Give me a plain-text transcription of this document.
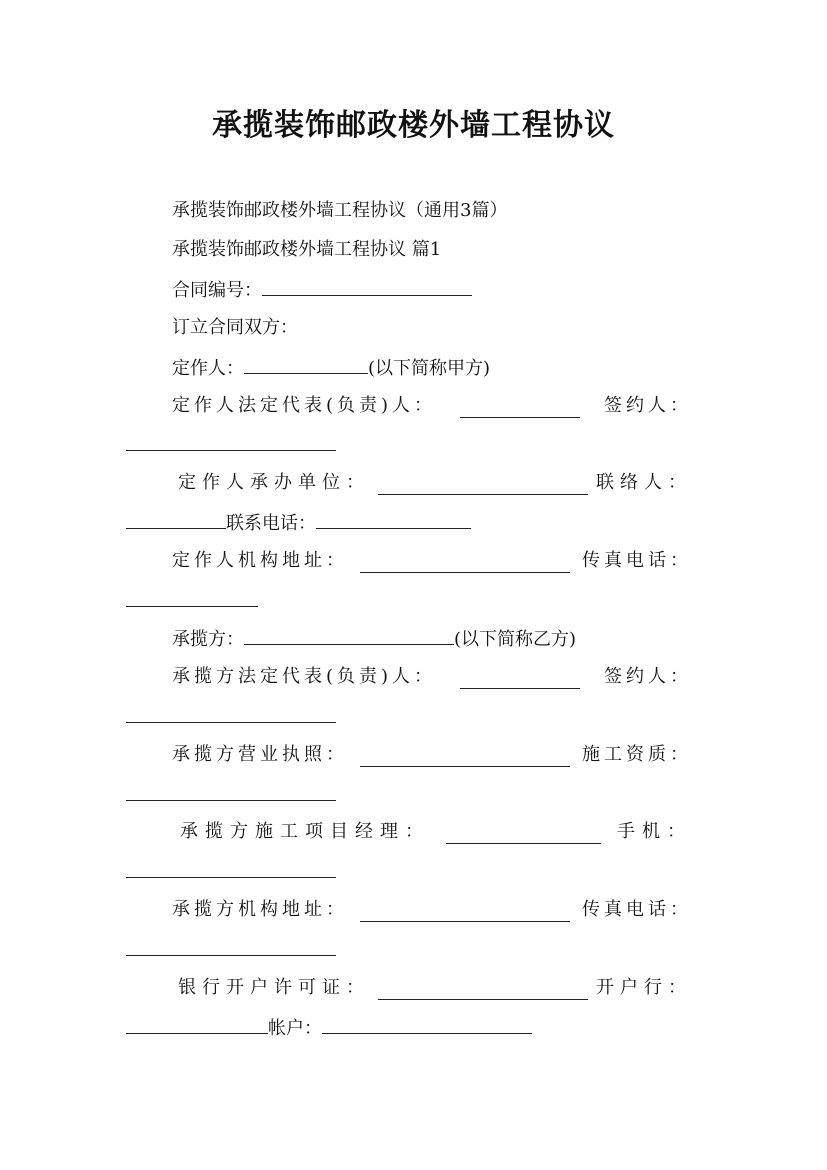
承揽装饰邮政楼外墙工程协议
承揽装饰邮政楼外墙工程协议（通用3篇）
承揽装饰邮政楼外墙工程协议 篇1
合同编号：
订立合同双方：
定作人：	(以下简称甲方)
定作人法定代表(负责)人：	签约人：
定作人承办单位：	联络人：
联系电话：
定作人机构地址：	传真电话：
承揽方：	(以下简称乙方)
承揽方法定代表(负责)人：	签约人：
承揽方营业执照：	施工资质：
承揽方施工项目经理：	手机：
承揽方机构地址：	传真电话：
银行开户许可证：	开户行：
帐户：
